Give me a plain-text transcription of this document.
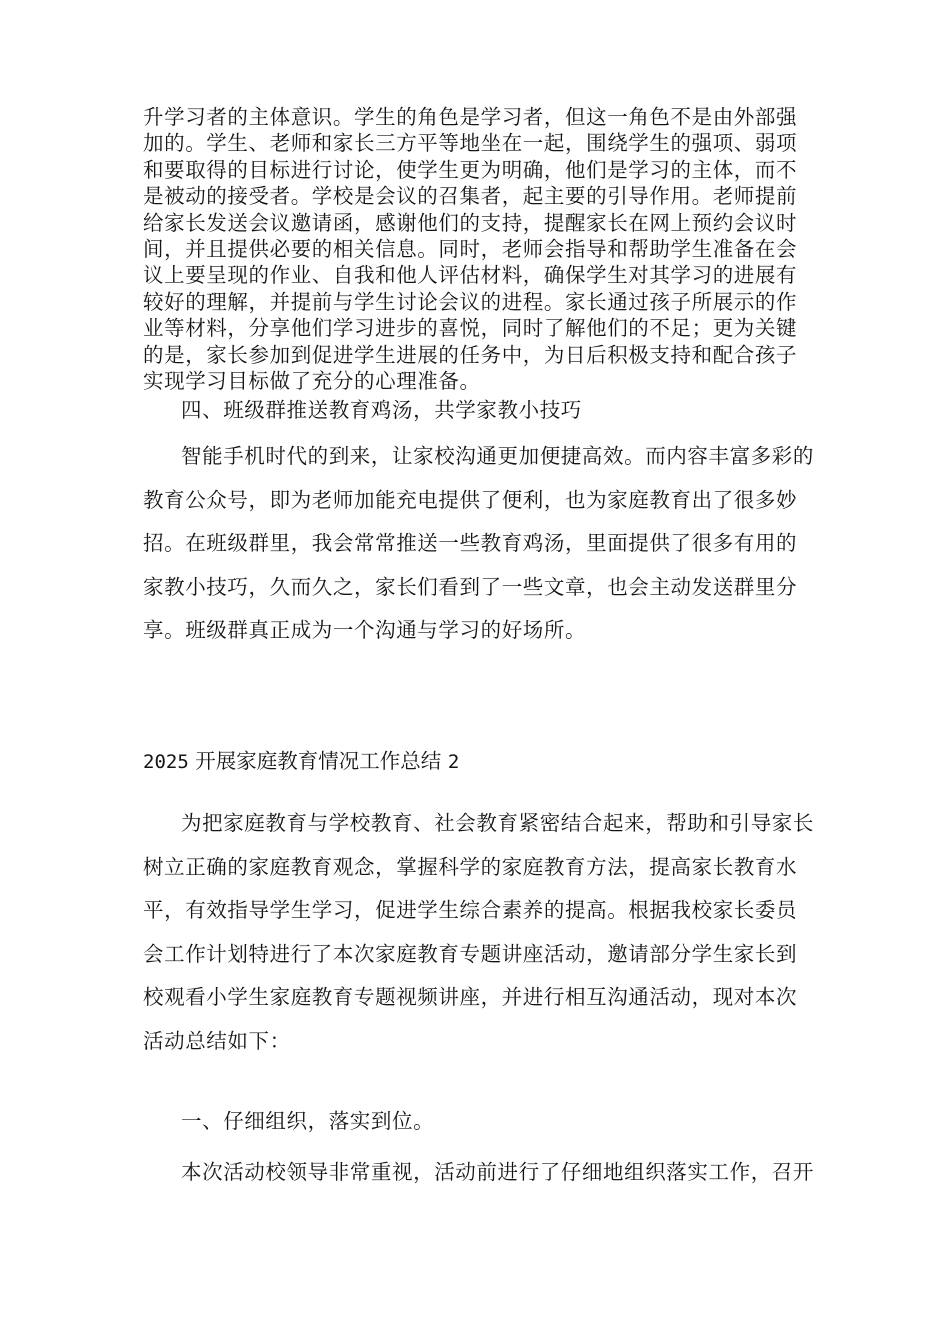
升学习者的主体意识。学生的角色是学习者，但这一角色不是由外部强
加的。学生、老师和家长三方平等地坐在一起，围绕学生的强项、弱项
和要取得的目标进行讨论，使学生更为明确，他们是学习的主体，而不
是被动的接受者。学校是会议的召集者，起主要的引导作用。老师提前
给家长发送会议邀请函，感谢他们的支持，提醒家长在网上预约会议时
间，并且提供必要的相关信息。同时，老师会指导和帮助学生准备在会
议上要呈现的作业、自我和他人评估材料，确保学生对其学习的进展有
较好的理解，并提前与学生讨论会议的进程。家长通过孩子所展示的作
业等材料，分享他们学习进步的喜悦，同时了解他们的不足；更为关键
的是，家长参加到促进学生进展的任务中，为日后积极支持和配合孩子
实现学习目标做了充分的心理准备。

四、班级群推送教育鸡汤，共学家教小技巧

智能手机时代的到来，让家校沟通更加便捷高效。而内容丰富多彩的
教育公众号，即为老师加能充电提供了便利，也为家庭教育出了很多妙
招。在班级群里，我会常常推送一些教育鸡汤，里面提供了很多有用的
家教小技巧，久而久之，家长们看到了一些文章，也会主动发送群里分
享。班级群真正成为一个沟通与学习的好场所。

2025 开展家庭教育情况工作总结 2

为把家庭教育与学校教育、社会教育紧密结合起来，帮助和引导家长
树立正确的家庭教育观念，掌握科学的家庭教育方法，提高家长教育水
平，有效指导学生学习，促进学生综合素养的提高。根据我校家长委员
会工作计划特进行了本次家庭教育专题讲座活动，邀请部分学生家长到
校观看小学生家庭教育专题视频讲座，并进行相互沟通活动，现对本次
活动总结如下：

一、仔细组织，落实到位。

本次活动校领导非常重视，活动前进行了仔细地组织落实工作，召开
